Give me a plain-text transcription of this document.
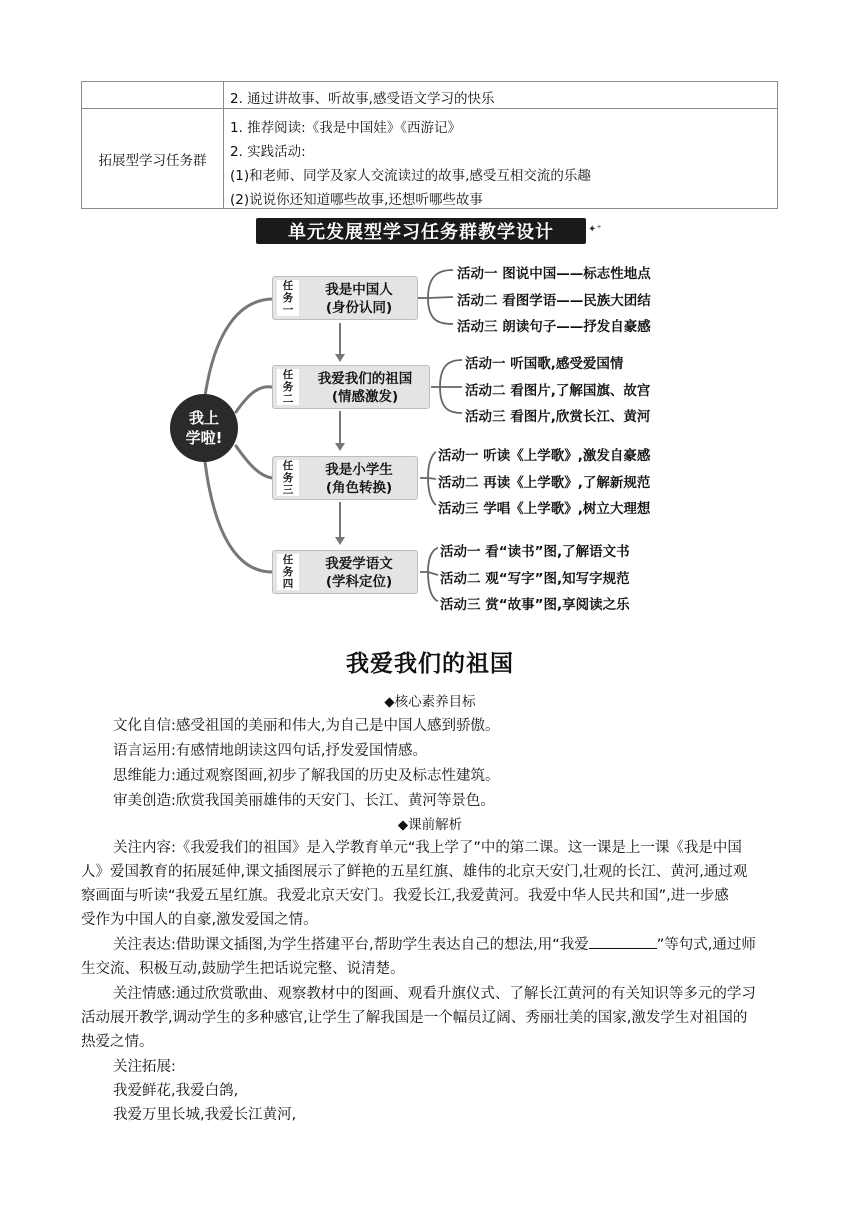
2. 通过讲故事、听故事,感受语文学习的快乐
拓展型学习任务群
1. 推荐阅读:《我是中国娃》《西游记》
2. 实践活动:
(1)和老师、同学及家人交流读过的故事,感受互相交流的乐趣
(2)说说你还知道哪些故事,还想听哪些故事
单元发展型学习任务群教学设计	✦⁺
我上
学啦!
任
务
一
我是中国人
(身份认同)
活动一 图说中国——标志性地点
活动二 看图学语——民族大团结
活动三 朗读句子——抒发自豪感
任
务
二
我爱我们的祖国
(情感激发)
活动一 听国歌,感受爱国情
活动二 看图片,了解国旗、故宫
活动三 看图片,欣赏长江、黄河
任
务
三
我是小学生
(角色转换)
活动一 听读《上学歌》,激发自豪感
活动二 再读《上学歌》,了解新规范
活动三 学唱《上学歌》,树立大理想
任
务
四
我爱学语文
(学科定位)
活动一 看“读书”图,了解语文书
活动二 观“写字”图,知写字规范
活动三 赏“故事”图,享阅读之乐
我爱我们的祖国
◆核心素养目标
文化自信:感受祖国的美丽和伟大,为自己是中国人感到骄傲。
语言运用:有感情地朗读这四句话,抒发爱国情感。
思维能力:通过观察图画,初步了解我国的历史及标志性建筑。
审美创造:欣赏我国美丽雄伟的天安门、长江、黄河等景色。
◆课前解析
关注内容:《我爱我们的祖国》是入学教育单元“我上学了”中的第二课。这一课是上一课《我是中国
人》爱国教育的拓展延伸,课文插图展示了鲜艳的五星红旗、雄伟的北京天安门,壮观的长江、黄河,通过观
察画面与听读“我爱五星红旗。我爱北京天安门。我爱长江,我爱黄河。我爱中华人民共和国”,进一步感
受作为中国人的自豪,激发爱国之情。
关注表达:借助课文插图,为学生搭建平台,帮助学生表达自己的想法,用“我爱	”等句式,通过师
生交流、积极互动,鼓励学生把话说完整、说清楚。
关注情感:通过欣赏歌曲、观察教材中的图画、观看升旗仪式、了解长江黄河的有关知识等多元的学习
活动展开教学,调动学生的多种感官,让学生了解我国是一个幅员辽阔、秀丽壮美的国家,激发学生对祖国的
热爱之情。
关注拓展:
我爱鲜花,我爱白鸽,
我爱万里长城,我爱长江黄河,
